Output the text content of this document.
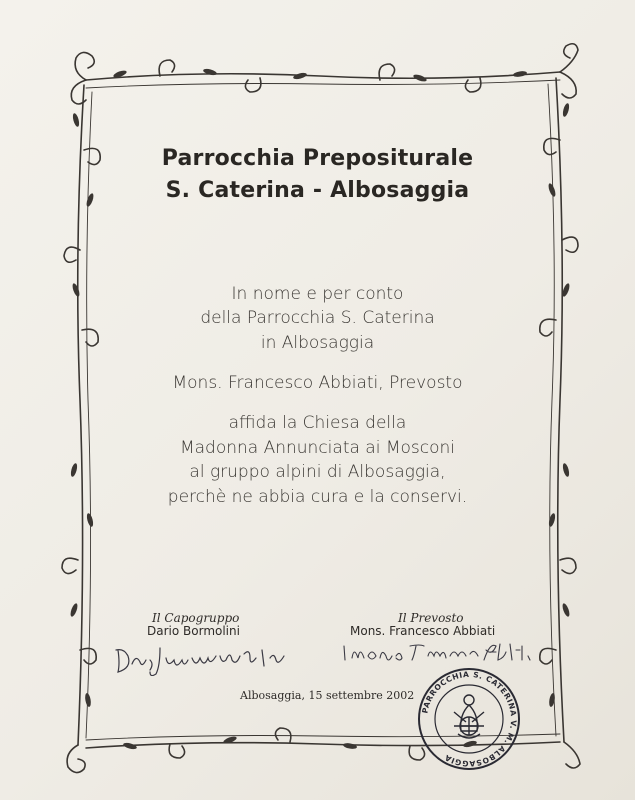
Parrocchia Prepositurale
S. Caterina - Albosaggia
In nome e per conto
della Parrocchia S. Caterina
in Albosaggia
Mons. Francesco Abbiati, Prevosto
affida la Chiesa della
Madonna Annunciata ai Mosconi
al gruppo alpini di Albosaggia,
perchè ne abbia cura e la conservi.
Il Capogruppo
Dario Bormolini
Il Prevosto
Mons. Francesco Abbiati
Albosaggia, 15 settembre 2002
PARROCCHIA S. CATERINA V. M. ALBOSAGGIA
